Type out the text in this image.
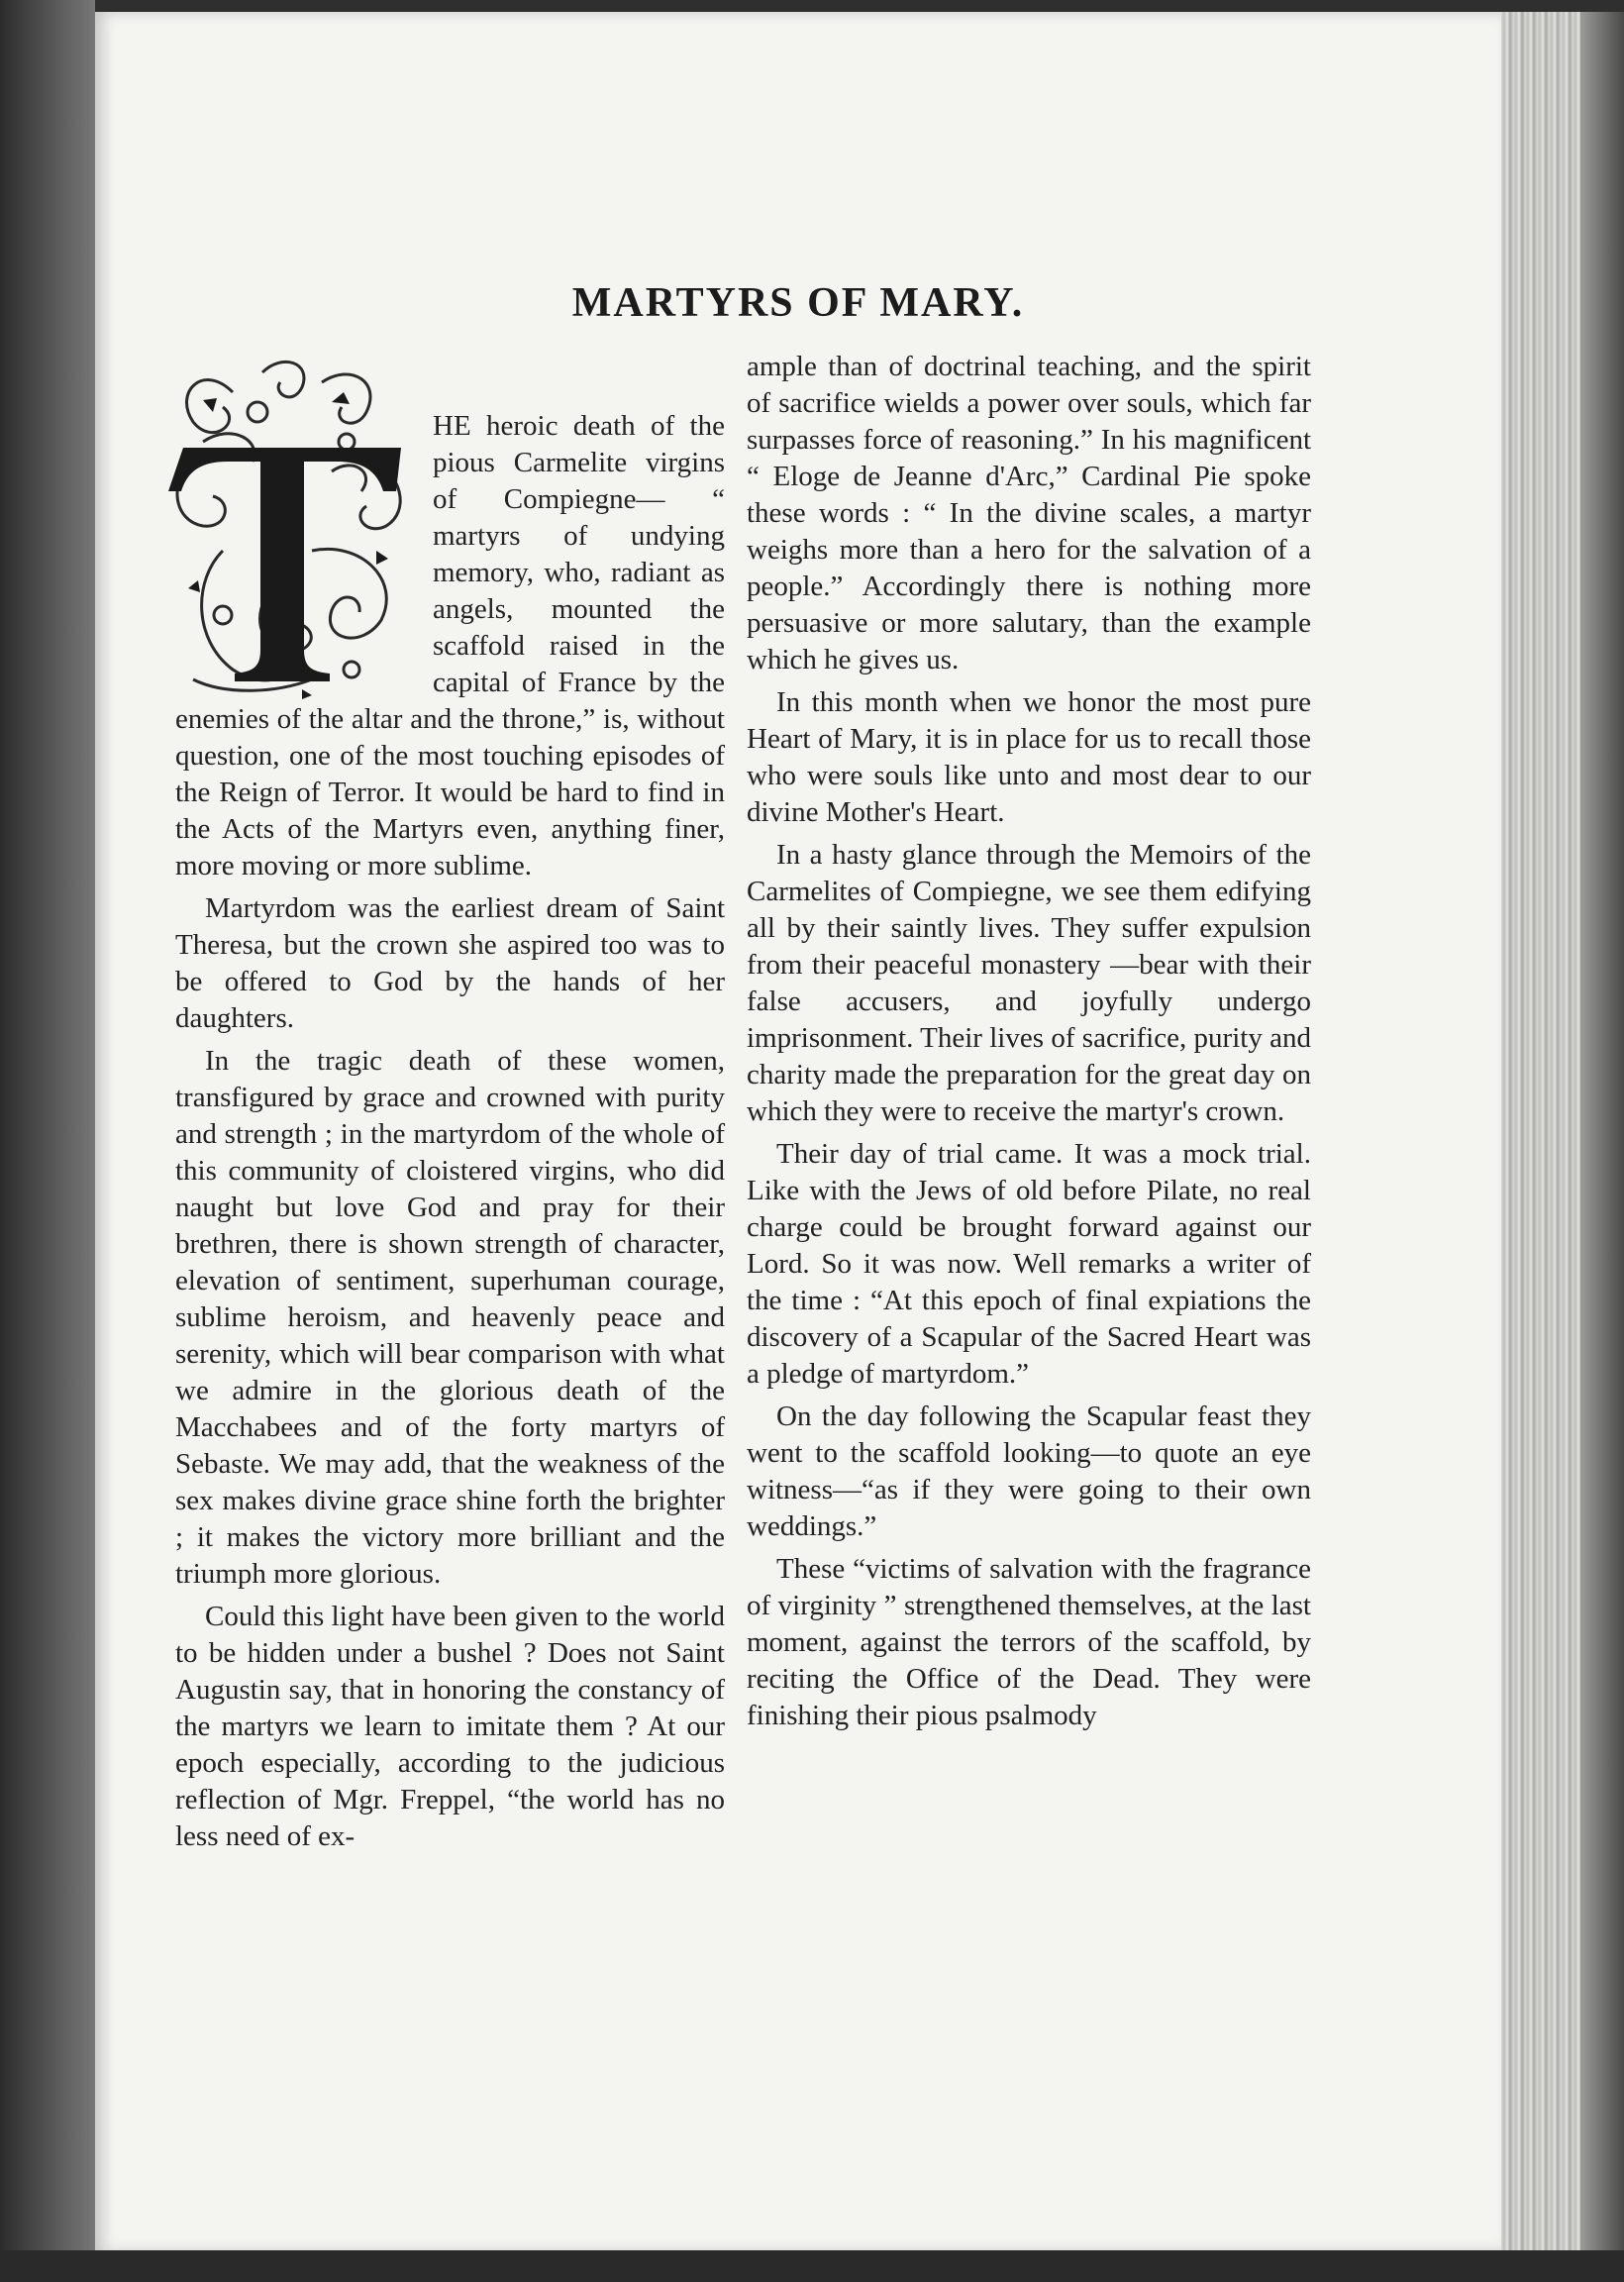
MARTYRS OF MARY.

HE heroic death of the pious Carmelite virgins of Compiegne— “ martyrs of undying memory, who, radiant as angels, mounted the scaffold raised in the capital of France by the enemies of the altar and the throne,” is, without question, one of the most touching episodes of the Reign of Terror. It would be hard to find in the Acts of the Martyrs even, anything finer, more moving or more sublime.

Martyrdom was the earliest dream of Saint Theresa, but the crown she aspired too was to be offered to God by the hands of her daughters.

In the tragic death of these women, transfigured by grace and crowned with purity and strength ; in the martyrdom of the whole of this community of cloistered virgins, who did naught but love God and pray for their brethren, there is shown strength of character, elevation of sentiment, superhuman courage, sublime heroism, and heavenly peace and serenity, which will bear comparison with what we admire in the glorious death of the Macchabees and of the forty martyrs of Sebaste. We may add, that the weakness of the sex makes divine grace shine forth the brighter ; it makes the victory more brilliant and the triumph more glorious.

Could this light have been given to the world to be hidden under a bushel ? Does not Saint Augustin say, that in honoring the constancy of the martyrs we learn to imitate them ? At our epoch especially, according to the judicious reflection of Mgr. Freppel, “the world has no less need of ex-

ample than of doctrinal teaching, and the spirit of sacrifice wields a power over souls, which far surpasses force of reasoning.” In his magnificent “ Eloge de Jeanne d'Arc,” Cardinal Pie spoke these words : “ In the divine scales, a martyr weighs more than a hero for the salvation of a people.” Accordingly there is nothing more persuasive or more salutary, than the example which he gives us.

In this month when we honor the most pure Heart of Mary, it is in place for us to recall those who were souls like unto and most dear to our divine Mother's Heart.

In a hasty glance through the Memoirs of the Carmelites of Compiegne, we see them edifying all by their saintly lives. They suffer expulsion from their peaceful monastery —bear with their false accusers, and joyfully undergo imprisonment. Their lives of sacrifice, purity and charity made the preparation for the great day on which they were to receive the martyr's crown.

Their day of trial came. It was a mock trial. Like with the Jews of old before Pilate, no real charge could be brought forward against our Lord. So it was now. Well remarks a writer of the time : “At this epoch of final expiations the discovery of a Scapular of the Sacred Heart was a pledge of martyrdom.”

On the day following the Scapular feast they went to the scaffold looking—to quote an eye witness—“as if they were going to their own weddings.”

These “victims of salvation with the fragrance of virginity ” strengthened themselves, at the last moment, against the terrors of the scaffold, by reciting the Office of the Dead. They were finishing their pious psalmody
